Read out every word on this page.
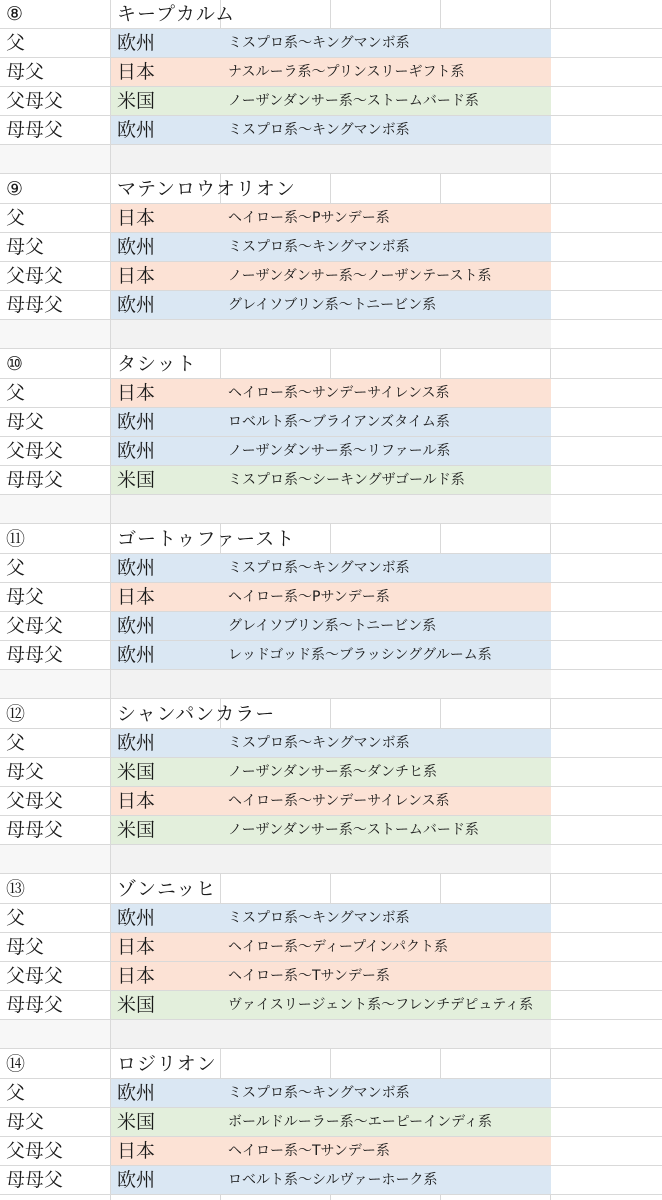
⑧	キープカルム
父	欧州	ミスプロ系～キングマンボ系
母父	日本	ナスルーラ系～プリンスリーギフト系
父母父	米国	ノーザンダンサー系～ストームバード系
母母父	欧州	ミスプロ系～キングマンボ系
⑨	マテンロウオリオン
父	日本	ヘイロー系～Pサンデー系
母父	欧州	ミスプロ系～キングマンボ系
父母父	日本	ノーザンダンサー系～ノーザンテースト系
母母父	欧州	グレイソブリン系～トニービン系
⑩	タシット
父	日本	ヘイロー系～サンデーサイレンス系
母父	欧州	ロベルト系～ブライアンズタイム系
父母父	欧州	ノーザンダンサー系～リファール系
母母父	米国	ミスプロ系～シーキングザゴールド系
⑪	ゴートゥファースト
父	欧州	ミスプロ系～キングマンボ系
母父	日本	ヘイロー系～Pサンデー系
父母父	欧州	グレイソブリン系～トニービン系
母母父	欧州	レッドゴッド系～ブラッシンググルーム系
⑫	シャンパンカラー
父	欧州	ミスプロ系～キングマンボ系
母父	米国	ノーザンダンサー系～ダンチヒ系
父母父	日本	ヘイロー系～サンデーサイレンス系
母母父	米国	ノーザンダンサー系～ストームバード系
⑬	ゾンニッヒ
父	欧州	ミスプロ系～キングマンボ系
母父	日本	ヘイロー系～ディープインパクト系
父母父	日本	ヘイロー系～Tサンデー系
母母父	米国	ヴァイスリージェント系～フレンチデピュティ系
⑭	ロジリオン
父	欧州	ミスプロ系～キングマンボ系
母父	米国	ボールドルーラー系～エーピーインディ系
父母父	日本	ヘイロー系～Tサンデー系
母母父	欧州	ロベルト系～シルヴァーホーク系
